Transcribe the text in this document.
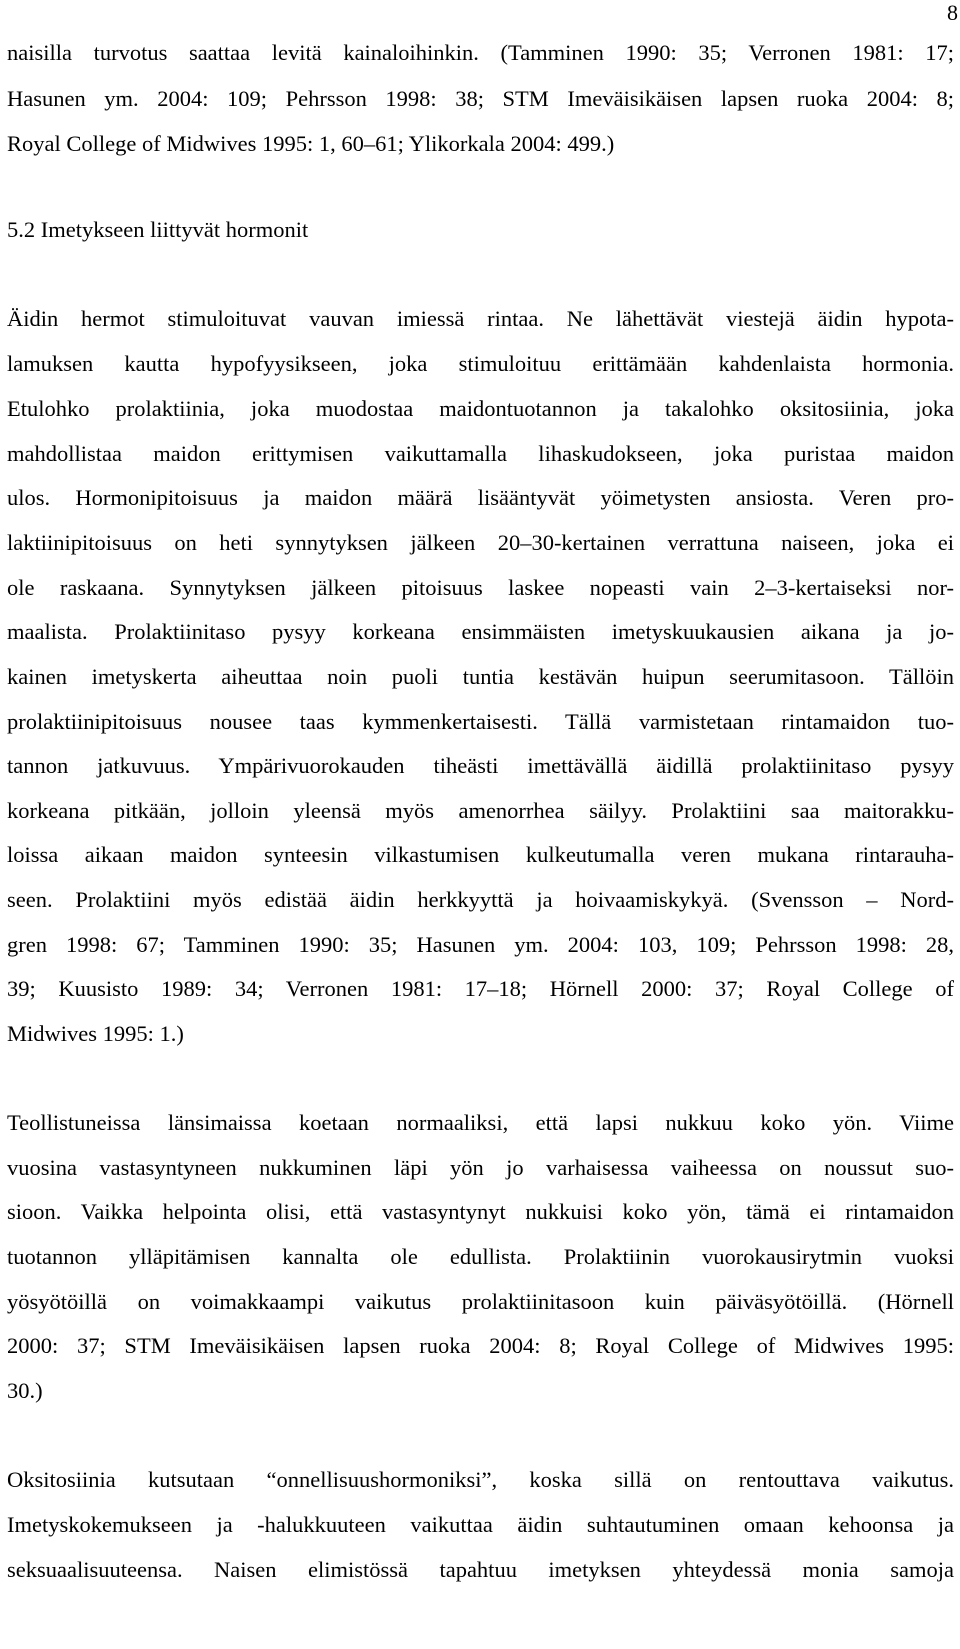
8
naisilla turvotus saattaa levitä kainaloihinkin. (Tamminen 1990: 35; Verronen 1981: 17;
Hasunen ym. 2004: 109; Pehrsson 1998: 38; STM Imeväisikäisen lapsen ruoka 2004: 8;
Royal College of Midwives 1995: 1, 60–61; Ylikorkala 2004: 499.)
5.2 Imetykseen liittyvät hormonit
Äidin hermot stimuloituvat vauvan imiessä rintaa. Ne lähettävät viestejä äidin hypota-
lamuksen kautta hypofyysikseen, joka stimuloituu erittämään kahdenlaista hormonia.
Etulohko prolaktiinia, joka muodostaa maidontuotannon ja takalohko oksitosiinia, joka
mahdollistaa maidon erittymisen vaikuttamalla lihaskudokseen, joka puristaa maidon
ulos. Hormonipitoisuus ja maidon määrä lisääntyvät yöimetysten ansiosta. Veren pro-
laktiinipitoisuus on heti synnytyksen jälkeen 20–30-kertainen verrattuna naiseen, joka ei
ole raskaana. Synnytyksen jälkeen pitoisuus laskee nopeasti vain 2–3-kertaiseksi nor-
maalista. Prolaktiinitaso pysyy korkeana ensimmäisten imetyskuukausien aikana ja jo-
kainen imetyskerta aiheuttaa noin puoli tuntia kestävän huipun seerumitasoon. Tällöin
prolaktiinipitoisuus nousee taas kymmenkertaisesti. Tällä varmistetaan rintamaidon tuo-
tannon jatkuvuus. Ympärivuorokauden tiheästi imettävällä äidillä prolaktiinitaso pysyy
korkeana pitkään, jolloin yleensä myös amenorrhea säilyy. Prolaktiini saa maitorakku-
loissa aikaan maidon synteesin vilkastumisen kulkeutumalla veren mukana rintarauha-
seen. Prolaktiini myös edistää äidin herkkyyttä ja hoivaamiskykyä. (Svensson – Nord-
gren 1998: 67; Tamminen 1990: 35; Hasunen ym. 2004: 103, 109; Pehrsson 1998: 28,
39; Kuusisto 1989: 34; Verronen 1981: 17–18; Hörnell 2000: 37; Royal College of
Midwives 1995: 1.)
Teollistuneissa länsimaissa koetaan normaaliksi, että lapsi nukkuu koko yön. Viime
vuosina vastasyntyneen nukkuminen läpi yön jo varhaisessa vaiheessa on noussut suo-
sioon. Vaikka helpointa olisi, että vastasyntynyt nukkuisi koko yön, tämä ei rintamaidon
tuotannon ylläpitämisen kannalta ole edullista. Prolaktiinin vuorokausirytmin vuoksi
yösyötöillä on voimakkaampi vaikutus prolaktiinitasoon kuin päiväsyötöillä. (Hörnell
2000: 37; STM Imeväisikäisen lapsen ruoka 2004: 8; Royal College of Midwives 1995:
30.)
Oksitosiinia kutsutaan “onnellisuushormoniksi”, koska sillä on rentouttava vaikutus.
Imetyskokemukseen ja -halukkuuteen vaikuttaa äidin suhtautuminen omaan kehoonsa ja
seksuaalisuuteensa. Naisen elimistössä tapahtuu imetyksen yhteydessä monia samoja
